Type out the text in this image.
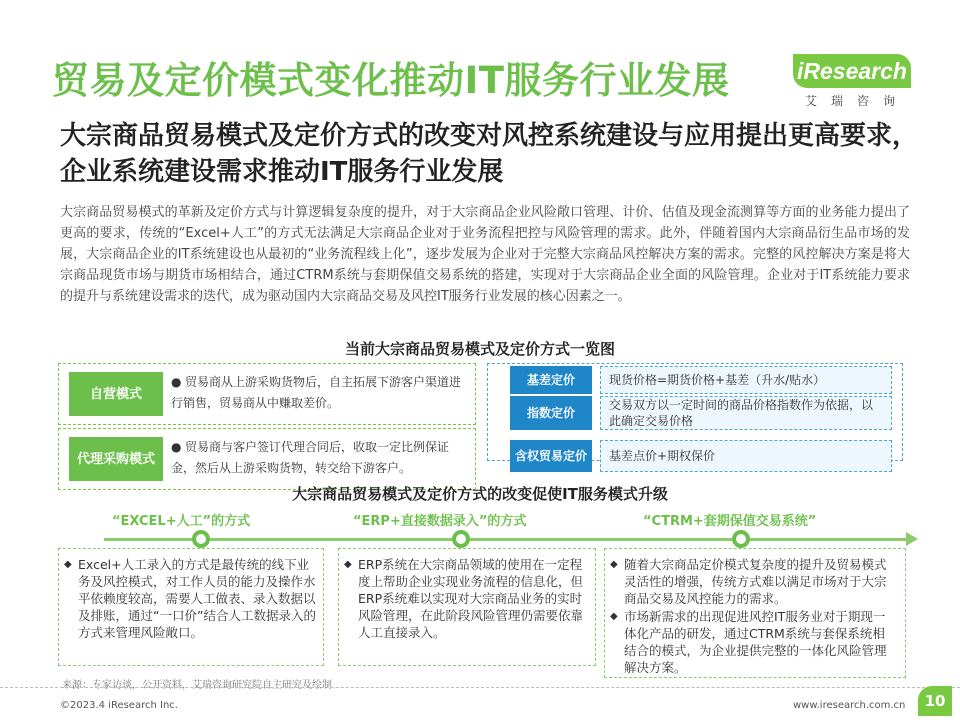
贸易及定价模式变化推动IT服务行业发展	iResearch
艾瑞咨询
大宗商品贸易模式及定价方式的改变对风控系统建设与应用提出更高要求，企业系统建设需求推动IT服务行业发展
大宗商品贸易模式的革新及定价方式与计算逻辑复杂度的提升，对于大宗商品企业风险敞口管理、计价、估值及现金流测算等方面的业务能力提出了更高的要求，传统的“Excel+人工”的方式无法满足大宗商品企业对于业务流程把控与风险管理的需求。此外，伴随着国内大宗商品衍生品市场的发展，大宗商品企业的IT系统建设也从最初的“业务流程线上化”，逐步发展为企业对于完整大宗商品风控解决方案的需求。完整的风控解决方案是将大宗商品现货市场与期货市场相结合，通过CTRM系统与套期保值交易系统的搭建，实现对于大宗商品企业全面的风险管理。企业对于IT系统能力要求的提升与系统建设需求的迭代，成为驱动国内大宗商品交易及风控IT服务行业发展的核心因素之一。
当前大宗商品贸易模式及定价方式一览图
自营模式
● 贸易商从上游采购货物后，自主拓展下游客户渠道进行销售，贸易商从中赚取差价。
代理采购模式
● 贸易商与客户签订代理合同后，收取一定比例保证金，然后从上游采购货物，转交给下游客户。
基差定价	现货价格=期货价格+基差（升水/贴水）
指数定价
交易双方以一定时间的商品价格指数作为依据，以此确定交易价格
含权贸易定价	基差点价+期权保价
大宗商品贸易模式及定价方式的改变促使IT服务模式升级
“EXCEL+人工”的方式	“ERP+直接数据录入”的方式	“CTRM+套期保值交易系统”
◆ Excel+人工录入的方式是最传统的线下业务及风控模式，对工作人员的能力及操作水平依赖度较高，需要人工做表、录入数据以及排账，通过“一口价”结合人工数据录入的方式来管理风险敞口。
◆ ERP系统在大宗商品领域的使用在一定程度上帮助企业实现业务流程的信息化，但ERP系统难以实现对大宗商品业务的实时风险管理，在此阶段风险管理仍需要依靠人工直接录入。
◆ 随着大宗商品定价模式复杂度的提升及贸易模式灵活性的增强，传统方式难以满足市场对于大宗商品交易及风控能力的需求。
◆ 市场新需求的出现促进风控IT服务业对于期现一体化产品的研发，通过CTRM系统与套保系统相结合的模式，为企业提供完整的一体化风险管理解决方案。
来源：专家访谈，公开资料，艾瑞咨询研究院自主研究及绘制
©2023.4 iResearch Inc.	www.iresearch.com.cn	10
